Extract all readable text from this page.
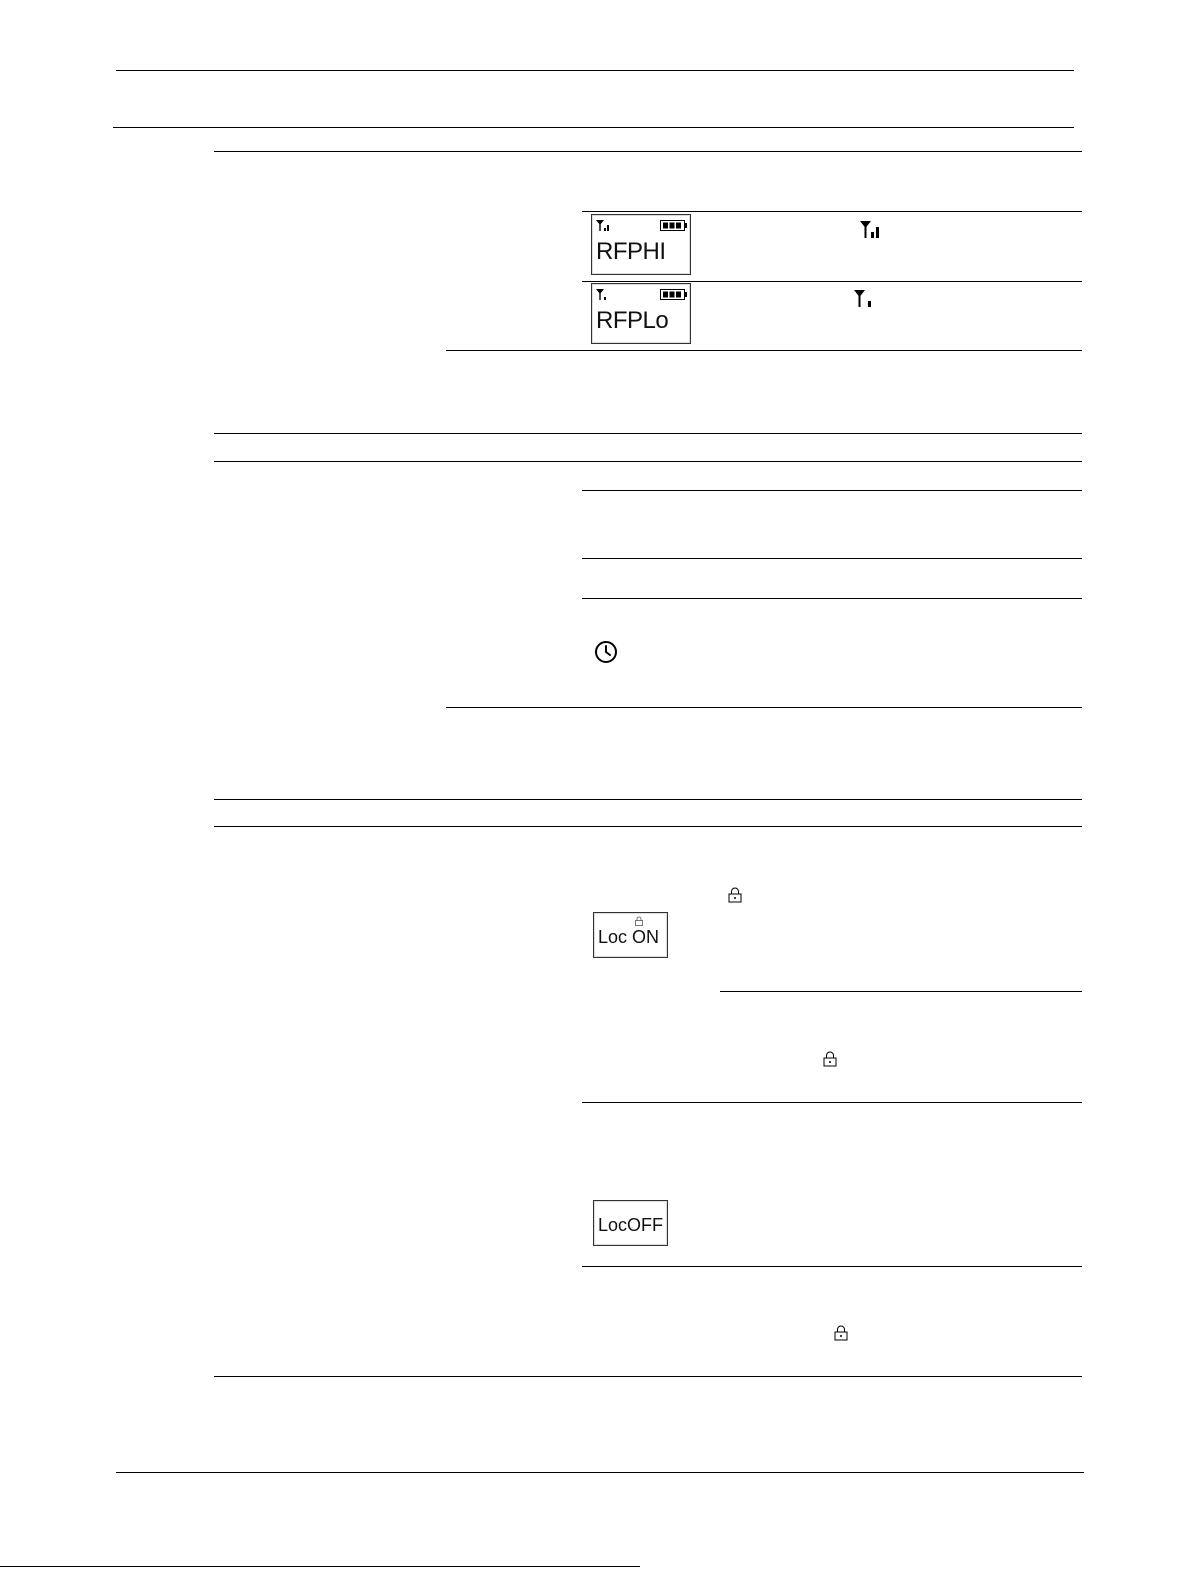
RFPHI
RFPLo
Loc ON
LocOFF
